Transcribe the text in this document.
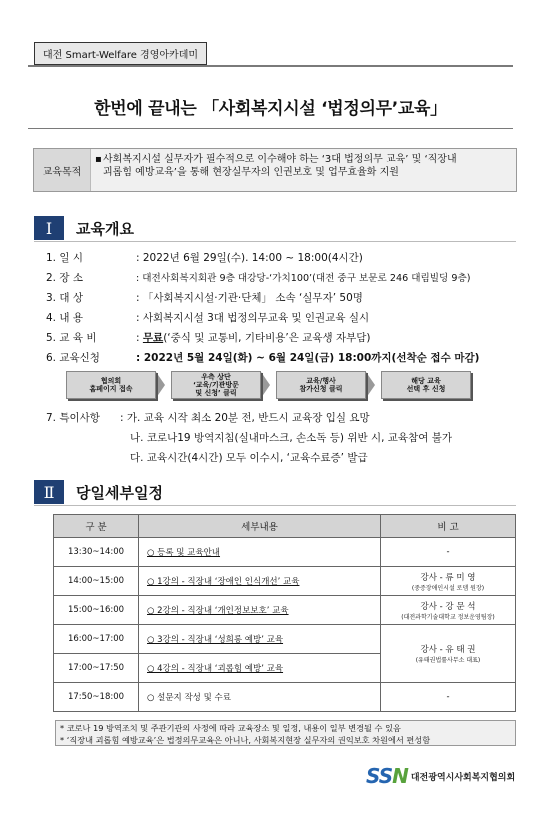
대전 Smart-Welfare 경영아카데미
한번에 끝내는 「사회복지시설 ‘법정의무’교육」
교육목적
▪ 사회복지시설 실무자가 필수적으로 이수해야 하는 ‘3대 법정의무 교육’ 및 ‘직장내
괴롭힘 예방교육’을 통해 현장실무자의 인권보호 및 업무효율화 지원
Ⅰ	교육개요
1. 일 시	: 2022년 6월 29일(수). 14:00 ~ 18:00(4시간)
2. 장 소	: 대전사회복지회관 9층 대강당-‘가치100’(대전 중구 보문로 246 대림빌딩 9층)
3. 대 상	: 「사회복지시설·기관·단체」 소속 ‘실무자’ 50명
4. 내 용	: 사회복지시설 3대 법정의무교육 및 인권교육 실시
5. 교 육 비	: 무료(‘중식 및 교통비, 기타비용’은 교육생 자부담)
6. 교육신청	: 2022년 5월 24일(화) ~ 6월 24일(금) 18:00까지(선착순 접수 마감)
협의회
홈페이지 접속
우측 상단
‘교육/기관방문
및 신청’ 클릭
교육/행사
참가신청 클릭
해당 교육
선택 후 신청
7. 특이사항 : 가. 교육 시작 최소 20분 전, 반드시 교육장 입실 요망
나. 코로나19 방역지침(실내마스크, 손소독 등) 위반 시, 교육참여 불가
다. 교육시간(4시간) 모두 이수시, ‘교육수료증’ 발급
Ⅱ	당일세부일정
구 분	세부내용	비 고
13:30~14:00	○ 등록 및 교육안내	-
14:00~15:00	○ 1강의 - 직장내 ‘장애인 인식개선’ 교육	강사 - 류 미 영
(중증장애인시설 로뎀 원장)

15:00~16:00	○ 2강의 - 직장내 ‘개인정보보호’ 교육	강사 - 강 문 석
(대전과학기술대학교 정보운영팀장)

16:00~17:00	○ 3강의 - 직장내 ‘성희롱 예방’ 교육	강사 - 유 태 권
(유태권법률사무소 대표)

17:00~17:50	○ 4강의 - 직장내 ‘괴롭힘 예방’ 교육	
17:50~18:00	○ 설문지 작성 및 수료	-
* 코로나 19 방역조치 및 주관기관의 사정에 따라 교육장소 및 일정, 내용이 일부 변경될 수 있음
* ‘직장내 괴롭힘 예방교육’은 법정의무교육은 아니나, 사회복지현장 실무자의 권익보호 차원에서 편성함
SSN 대전광역시사회복지협의회
